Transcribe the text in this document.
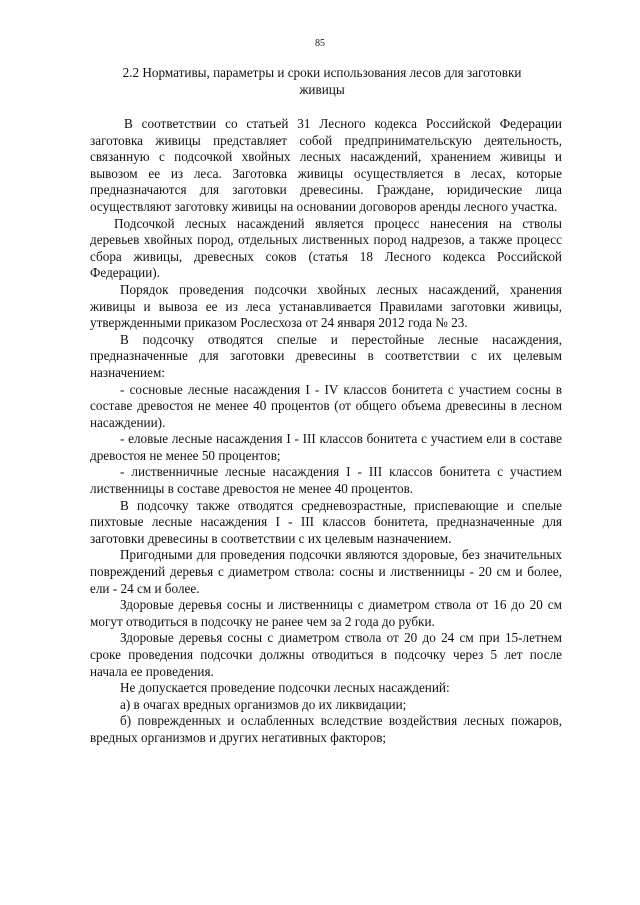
85
2.2 Нормативы, параметры и сроки использования лесов для заготовки живицы

В соответствии со статьей 31 Лесного кодекса Российской Федерации заготовка живицы представляет собой предпринимательскую деятельность, связанную с подсочкой хвойных лесных насаждений, хранением живицы и вывозом ее из леса. Заготовка живицы осуществляется в лесах, которые предназначаются для заготовки древесины. Граждане, юридические лица осуществляют заготовку живицы на основании договоров аренды лесного участка.

Подсочкой лесных насаждений является процесс нанесения на стволы деревьев хвойных пород, отдельных лиственных пород надрезов, а также процесс сбора живицы, древесных соков (статья 18 Лесного кодекса Российской Федерации).

Порядок проведения подсочки хвойных лесных насаждений, хранения живицы и вывоза ее из леса устанавливается Правилами заготовки живицы, утвержденными приказом Рослесхоза от 24 января 2012 года № 23.

В подсочку отводятся спелые и перестойные лесные насаждения, предназначенные для заготовки древесины в соответствии с их целевым назначением:

- сосновые лесные насаждения I - IV классов бонитета с участием сосны в составе древостоя не менее 40 процентов (от общего объема древесины в лесном насаждении).

- еловые лесные насаждения I - III классов бонитета с участием ели в составе древостоя не менее 50 процентов;

- лиственничные лесные насаждения I - III классов бонитета с участием лиственницы в составе древостоя не менее 40 процентов.

В подсочку также отводятся средневозрастные, приспевающие и спелые пихтовые лесные насаждения I - III классов бонитета, предназначенные для заготовки древесины в соответствии с их целевым назначением.

Пригодными для проведения подсочки являются здоровые, без значительных повреждений деревья с диаметром ствола: сосны и лиственницы - 20 см и более, ели - 24 см и более.

Здоровые деревья сосны и лиственницы с диаметром ствола от 16 до 20 см могут отводиться в подсочку не ранее чем за 2 года до рубки.

Здоровые деревья сосны с диаметром ствола от 20 до 24 см при 15-летнем сроке проведения подсочки должны отводиться в подсочку через 5 лет после начала ее проведения.

Не допускается проведение подсочки лесных насаждений:

а) в очагах вредных организмов до их ликвидации;

б) поврежденных и ослабленных вследствие воздействия лесных пожаров, вредных организмов и других негативных факторов;
